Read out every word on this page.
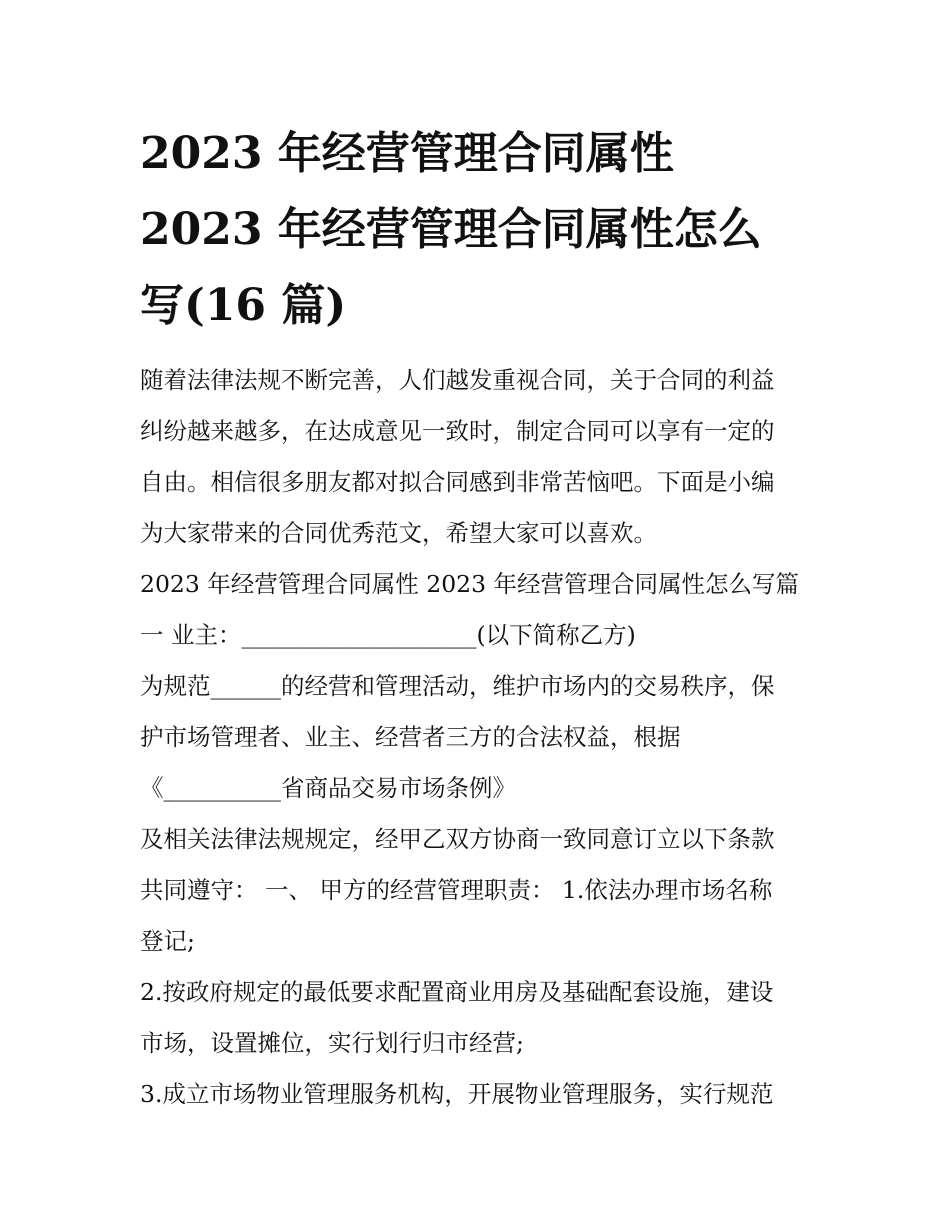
2023 年经营管理合同属性
2023 年经营管理合同属性怎么
写(16 篇)
随着法律法规不断完善，人们越发重视合同，关于合同的利益
纠纷越来越多，在达成意见一致时，制定合同可以享有一定的
自由。相信很多朋友都对拟合同感到非常苦恼吧。下面是小编
为大家带来的合同优秀范文，希望大家可以喜欢。
2023 年经营管理合同属性 2023 年经营管理合同属性怎么写篇
一 业主：____________________(以下简称乙方)
为规范______的经营和管理活动，维护市场内的交易秩序，保
护市场管理者、业主、经营者三方的合法权益，根据
《__________省商品交易市场条例》
及相关法律法规规定，经甲乙双方协商一致同意订立以下条款
共同遵守： 一、 甲方的经营管理职责： 1.依法办理市场名称
登记;
2.按政府规定的最低要求配置商业用房及基础配套设施，建设
市场，设置摊位，实行划行归市经营;
3.成立市场物业管理服务机构，开展物业管理服务，实行规范
